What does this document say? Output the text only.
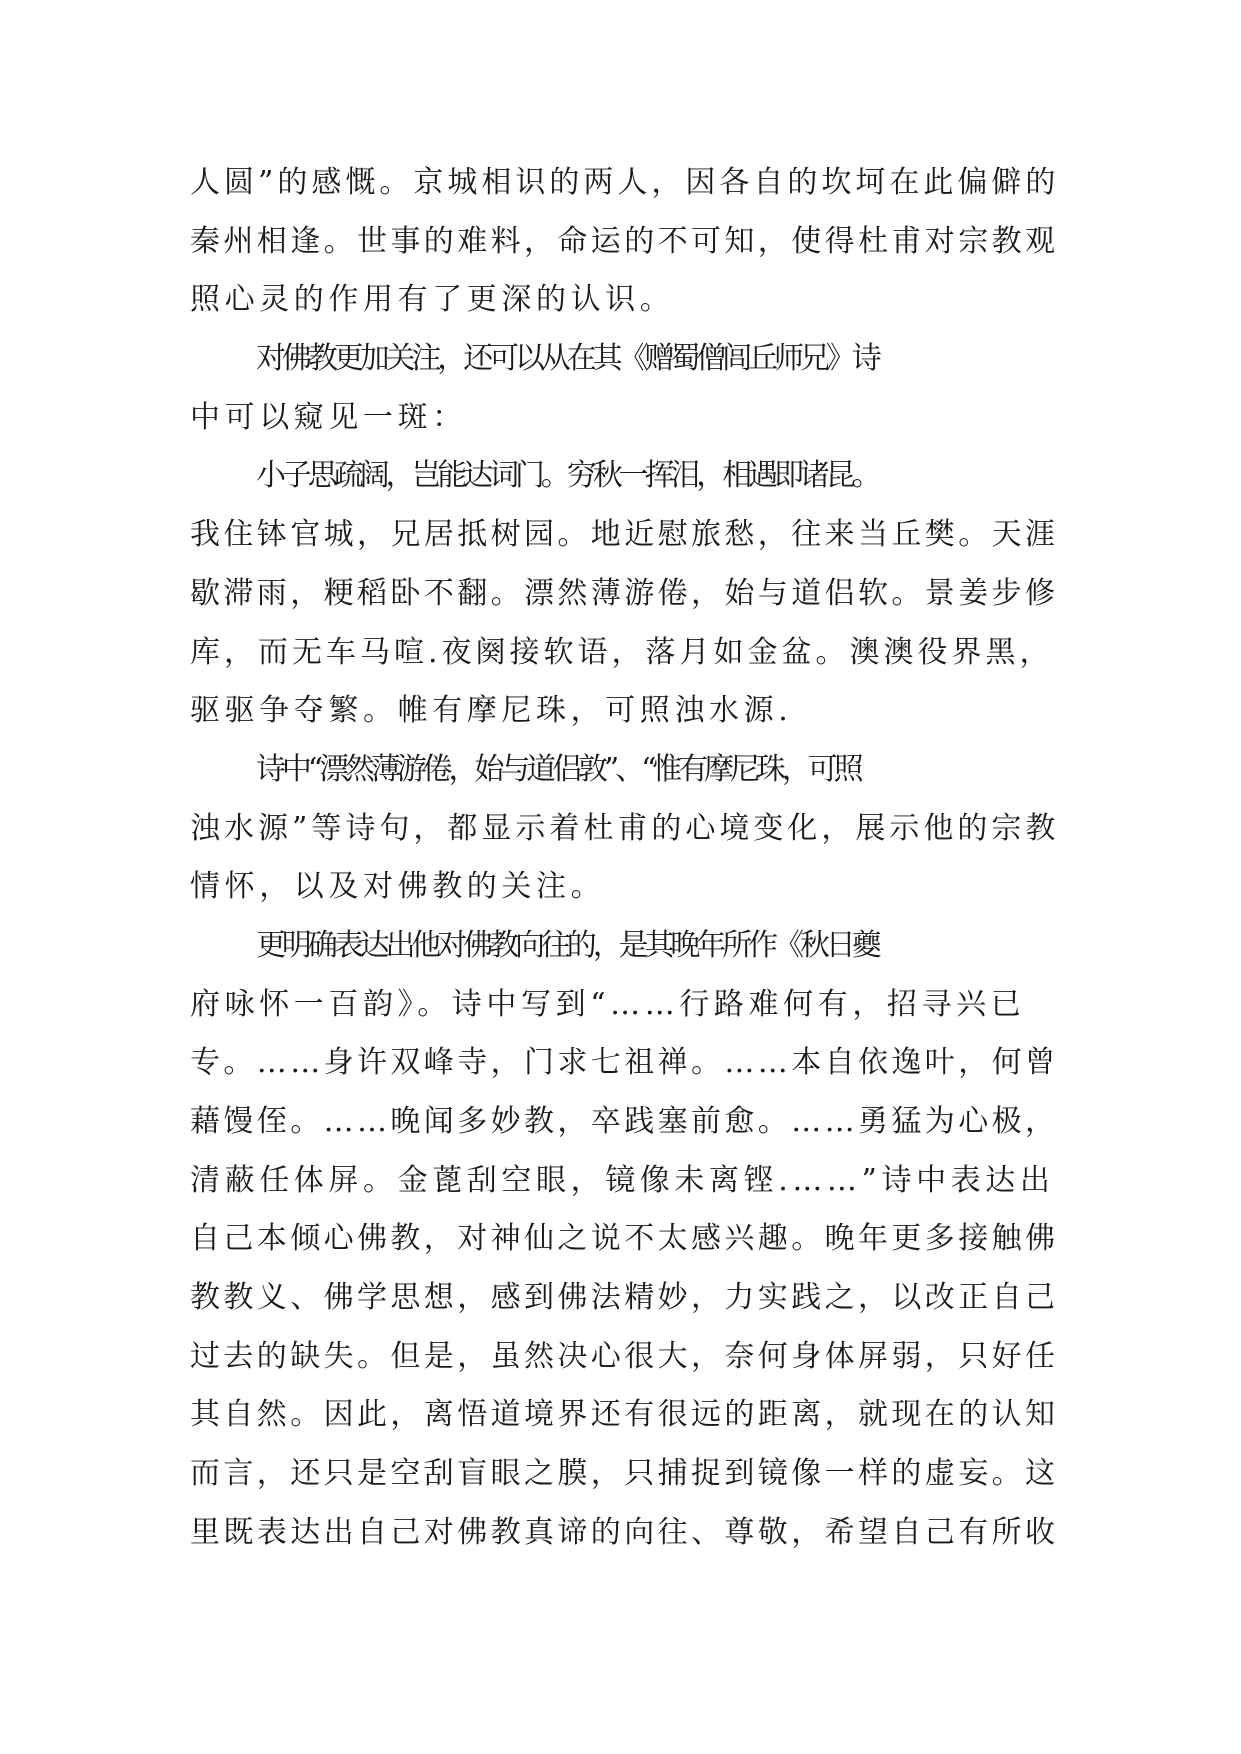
人圆”的感慨。京城相识的两人，因各自的坎坷在此偏僻的
秦州相逢。世事的难料，命运的不可知，使得杜甫对宗教观
照心灵的作用有了更深的认识。
对佛教更加关注，还可以从在其《赠蜀僧闾丘师兄》诗
中可以窥见一斑：
小子思疏阔，岂能达词门。穷秋一挥泪，相遇即诸昆。
我住钵官城，兄居抵树园。地近慰旅愁，往来当丘樊。天涯
歇滞雨，粳稻卧不翻。漂然薄游倦，始与道侣软。景姜步修
库，而无车马喧.夜阕接软语，落月如金盆。澳澳役界黑，
驱驱争夺繁。帷有摩尼珠，可照浊水源.
诗中“漂然薄游倦，始与道侣敦”、“惟有摩尼珠，可照
浊水源”等诗句，都显示着杜甫的心境变化，展示他的宗教
情怀，以及对佛教的关注。
更明确表达出他对佛教向往的，是其晚年所作《秋日夔
府咏怀一百韵》。诗中写到“……行路难何有，招寻兴已
专。……身许双峰寺，门求七祖禅。……本自依逸叶，何曾
藉馒侄。……晚闻多妙教，卒践塞前愈。……勇猛为心极，
清蔽任体屏。金蓖刮空眼，镜像未离铿.……”诗中表达出
自己本倾心佛教，对神仙之说不太感兴趣。晚年更多接触佛
教教义、佛学思想，感到佛法精妙，力实践之，以改正自己
过去的缺失。但是，虽然决心很大，奈何身体屏弱，只好任
其自然。因此，离悟道境界还有很远的距离，就现在的认知
而言，还只是空刮盲眼之膜，只捕捉到镜像一样的虚妄。这
里既表达出自己对佛教真谛的向往、尊敬，希望自己有所收
